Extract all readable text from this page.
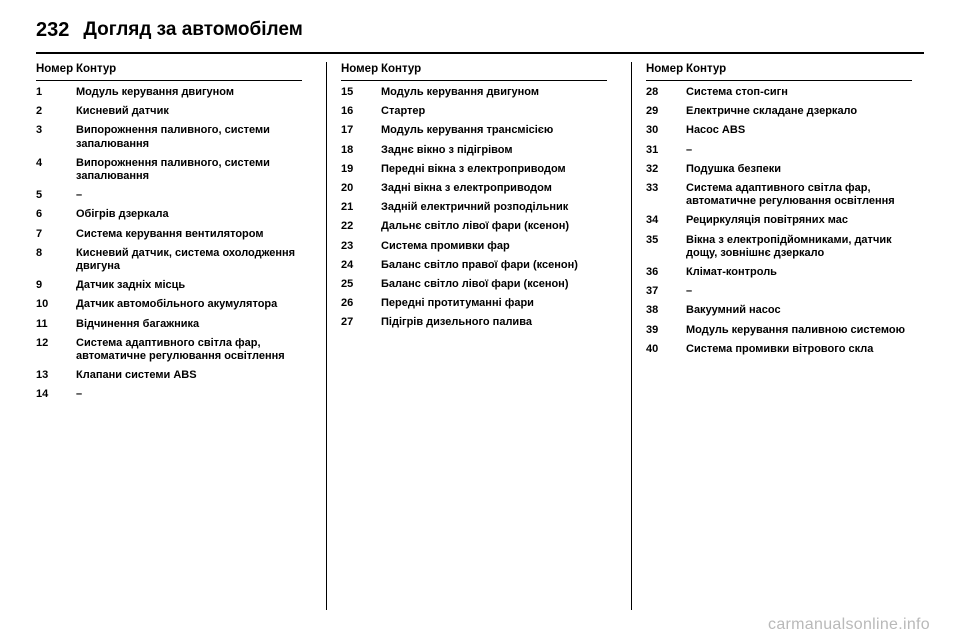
232 Догляд за автомобілем
Номер Контур
1	Модуль керування двигуном
2	Кисневий датчик
3	Випорожнення паливного, системи запалювання
4	Випорожнення паливного, системи запалювання
5	–
6	Обігрів дзеркала
7	Система керування вентилятором
8	Кисневий датчик, система охолодження двигуна
9	Датчик задніх місць
10	Датчик автомобільного акумулятора
11	Відчинення багажника
12	Система адаптивного світла фар, автоматичне регулювання освітлення
13	Клапани системи ABS
14	–
Номер Контур
15	Модуль керування двигуном
16	Стартер
17	Модуль керування трансмісією
18	Заднє вікно з підігрівом
19	Передні вікна з електроприводом
20	Задні вікна з електроприводом
21	Задній електричний розподільник
22	Дальнє світло лівої фари (ксенон)
23	Система промивки фар
24	Баланс світло правої фари (ксенон)
25	Баланс світло лівої фари (ксенон)
26	Передні протитуманні фари
27	Підігрів дизельного палива
Номер Контур
28	Система стоп-сигн
29	Електричне складане дзеркало
30	Насос ABS
31	–
32	Подушка безпеки
33	Система адаптивного світла фар, автоматичне регулювання освітлення
34	Рециркуляція повітряних мас
35	Вікна з електропідйомниками, датчик дощу, зовнішнє дзеркало
36	Клімат-контроль
37	–
38	Вакуумний насос
39	Модуль керування паливною системою
40	Система промивки вітрового скла
carmanualsonline.info
